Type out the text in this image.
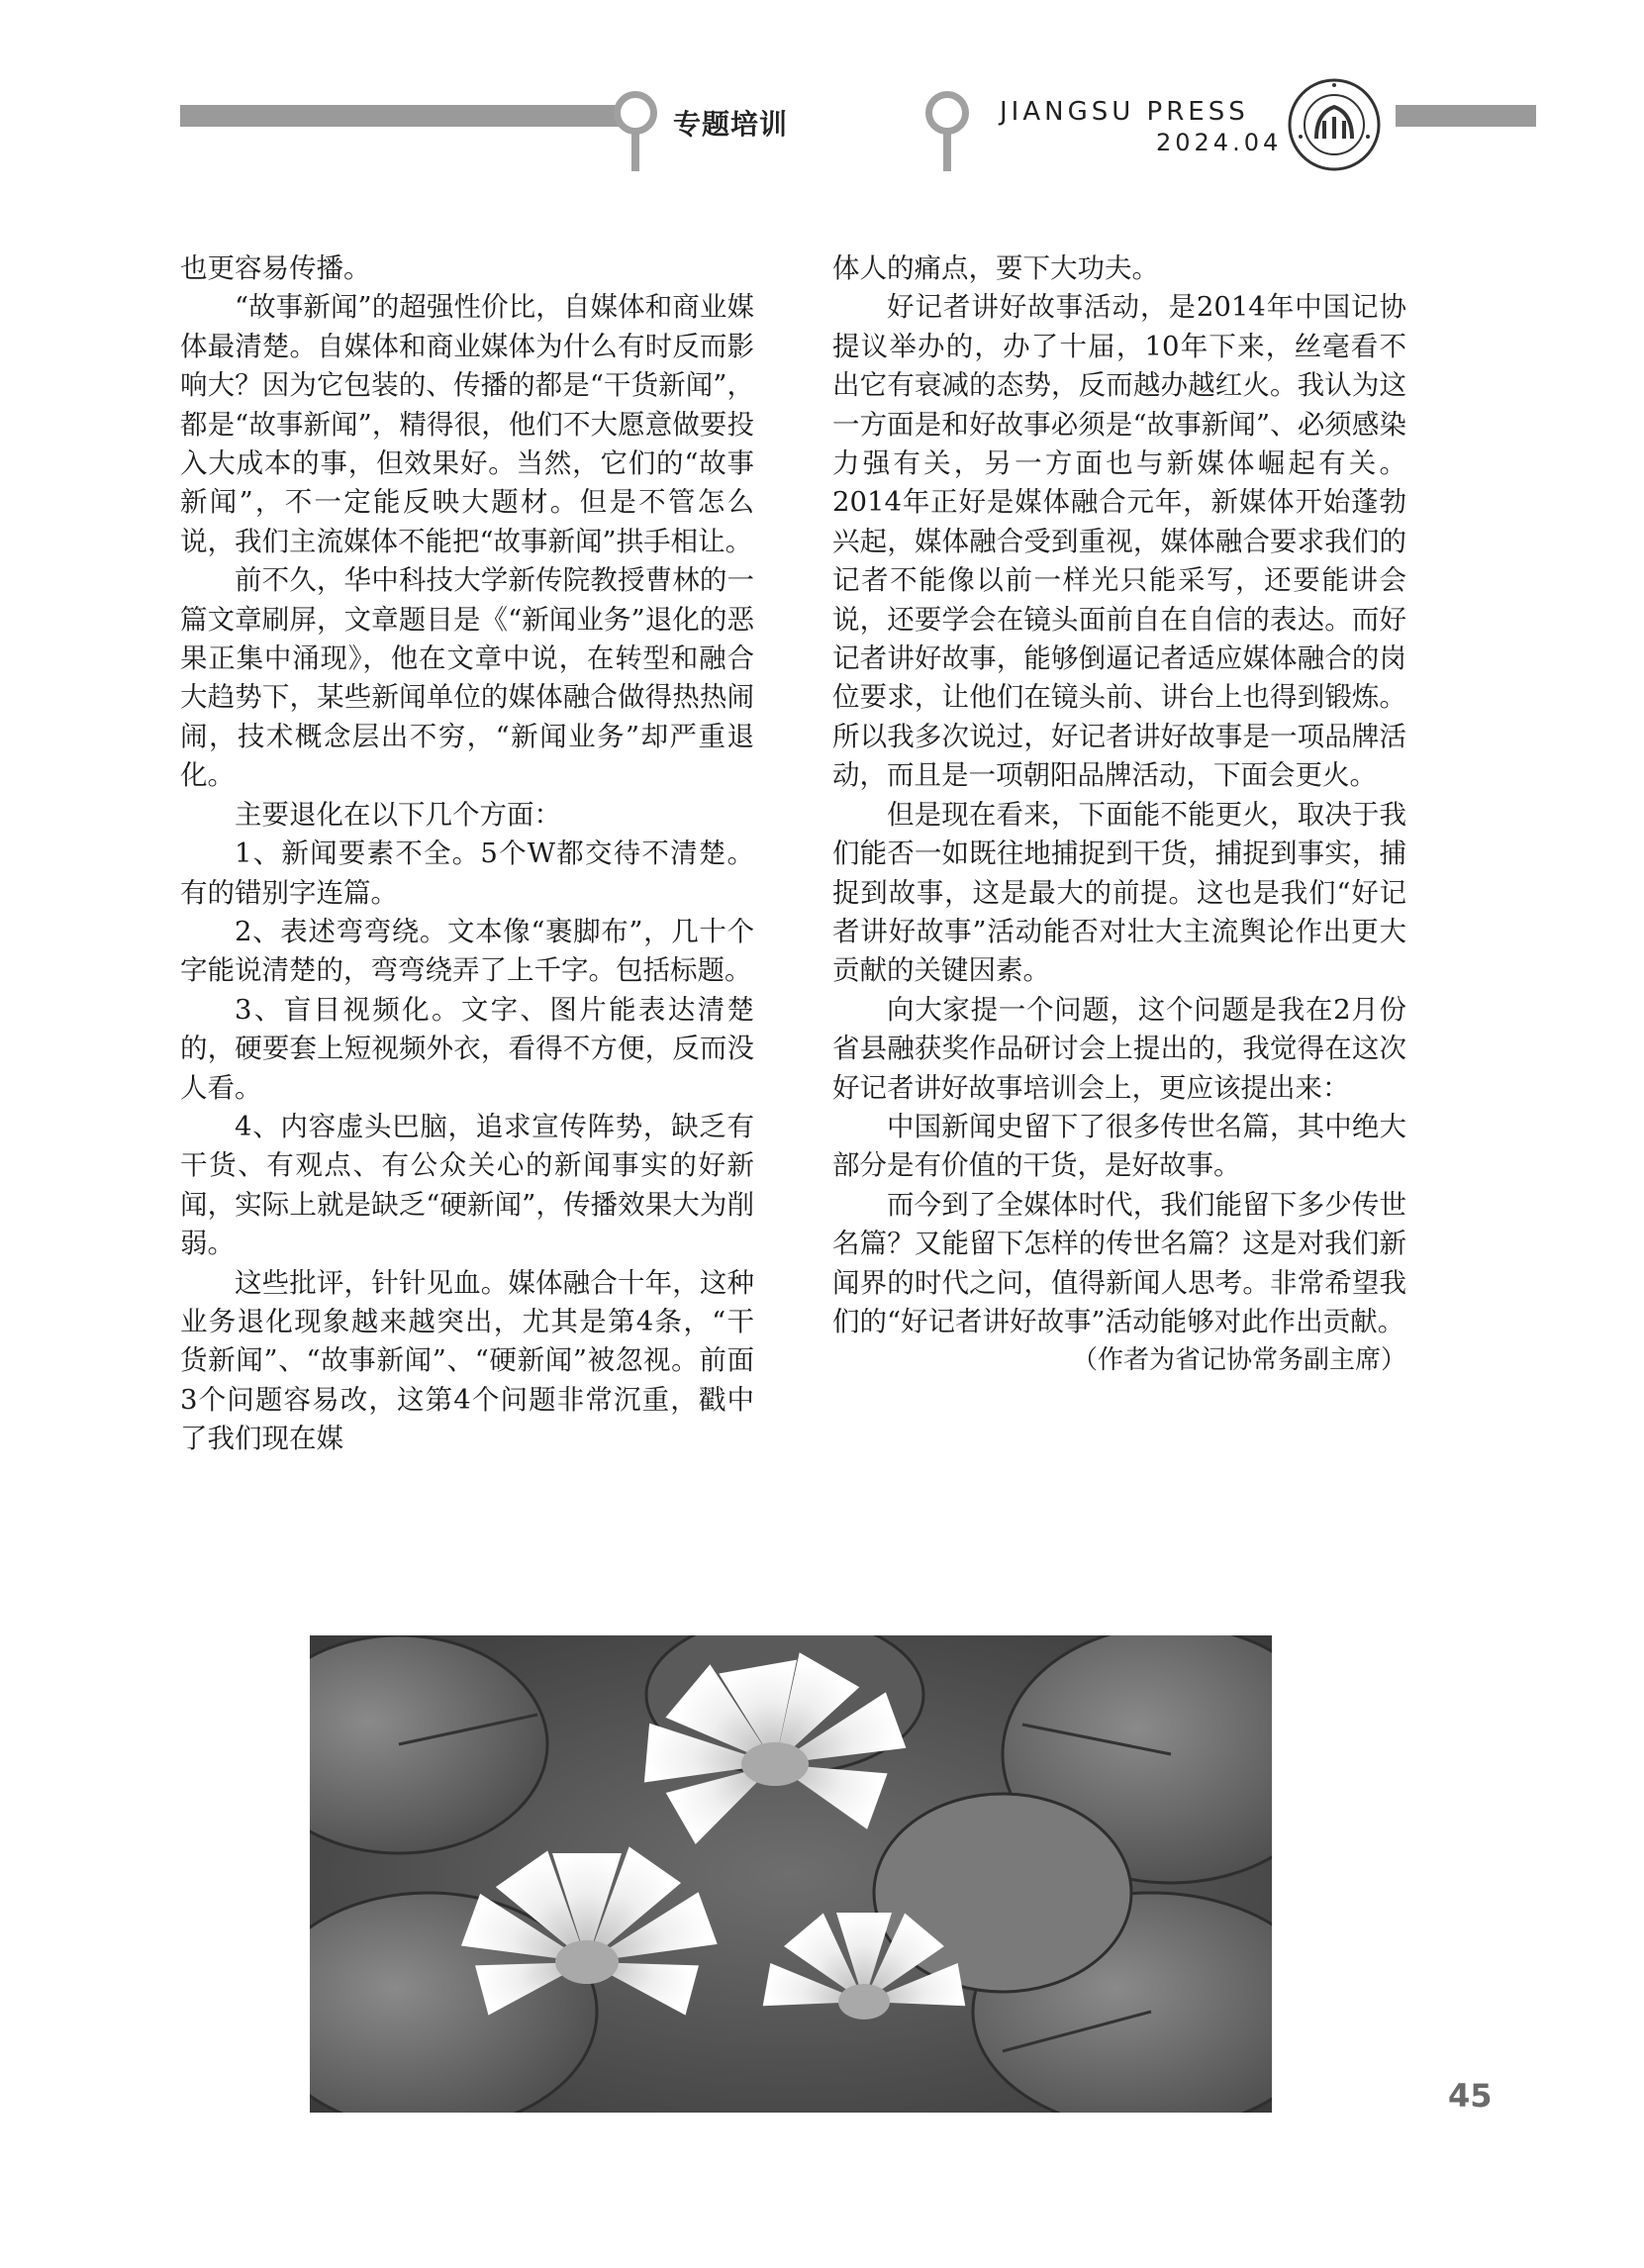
专题培训	JIANGSU PRESS
2024.04

也更容易传播。

“故事新闻”的超强性价比，自媒体和商业媒体最清楚。自媒体和商业媒体为什么有时反而影响大？因为它包装的、传播的都是“干货新闻”，都是“故事新闻”，精得很，他们不大愿意做要投入大成本的事，但效果好。当然，它们的“故事新闻”，不一定能反映大题材。但是不管怎么说，我们主流媒体不能把“故事新闻”拱手相让。

前不久，华中科技大学新传院教授曹林的一篇文章刷屏，文章题目是《“新闻业务”退化的恶果正集中涌现》，他在文章中说，在转型和融合大趋势下，某些新闻单位的媒体融合做得热热闹闹，技术概念层出不穷，“新闻业务”却严重退化。

主要退化在以下几个方面：

1、新闻要素不全。5个W都交待不清楚。有的错别字连篇。

2、表述弯弯绕。文本像“裹脚布”，几十个字能说清楚的，弯弯绕弄了上千字。包括标题。

3、盲目视频化。文字、图片能表达清楚的，硬要套上短视频外衣，看得不方便，反而没人看。

4、内容虚头巴脑，追求宣传阵势，缺乏有干货、有观点、有公众关心的新闻事实的好新闻，实际上就是缺乏“硬新闻”，传播效果大为削弱。

这些批评，针针见血。媒体融合十年，这种业务退化现象越来越突出，尤其是第4条，“干货新闻”、“故事新闻”、“硬新闻”被忽视。前面3个问题容易改，这第4个问题非常沉重，戳中了我们现在媒

体人的痛点，要下大功夫。

好记者讲好故事活动，是2014年中国记协提议举办的，办了十届，10年下来，丝毫看不出它有衰减的态势，反而越办越红火。我认为这一方面是和好故事必须是“故事新闻”、必须感染力强有关，另一方面也与新媒体崛起有关。2014年正好是媒体融合元年，新媒体开始蓬勃兴起，媒体融合受到重视，媒体融合要求我们的记者不能像以前一样光只能采写，还要能讲会说，还要学会在镜头面前自在自信的表达。而好记者讲好故事，能够倒逼记者适应媒体融合的岗位要求，让他们在镜头前、讲台上也得到锻炼。所以我多次说过，好记者讲好故事是一项品牌活动，而且是一项朝阳品牌活动，下面会更火。

但是现在看来，下面能不能更火，取决于我们能否一如既往地捕捉到干货，捕捉到事实，捕捉到故事，这是最大的前提。这也是我们“好记者讲好故事”活动能否对壮大主流舆论作出更大贡献的关键因素。

向大家提一个问题，这个问题是我在2月份省县融获奖作品研讨会上提出的，我觉得在这次好记者讲好故事培训会上，更应该提出来：

中国新闻史留下了很多传世名篇，其中绝大部分是有价值的干货，是好故事。

而今到了全媒体时代，我们能留下多少传世名篇？又能留下怎样的传世名篇？这是对我们新闻界的时代之问，值得新闻人思考。非常希望我们的“好记者讲好故事”活动能够对此作出贡献。

（作者为省记协常务副主席）

45
